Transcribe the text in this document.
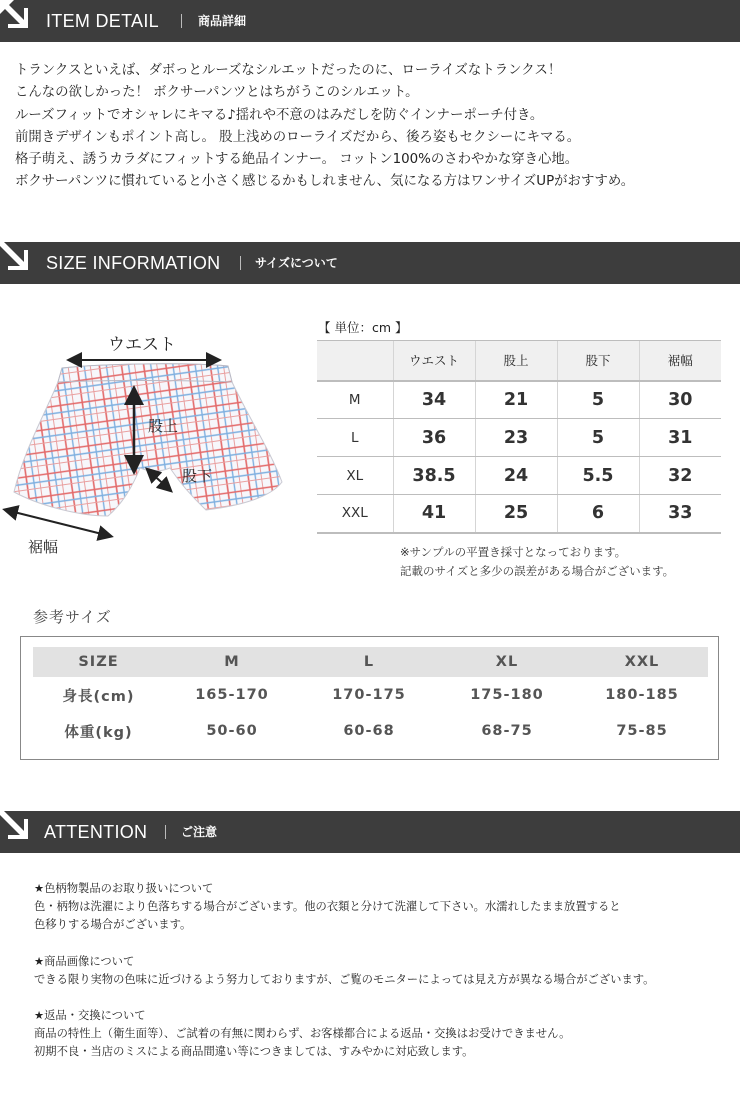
ITEM DETAIL	商品詳細
トランクスといえば、ダボっとルーズなシルエットだったのに、ローライズなトランクス！
こんなの欲しかった！ ボクサーパンツとはちがうこのシルエット。
ルーズフィットでオシャレにキマる♪揺れや不意のはみだしを防ぐインナーポーチ付き。
前開きデザインもポイント高し。 股上浅めのローライズだから、後ろ姿もセクシーにキマる。
格子萌え、誘うカラダにフィットする絶品インナー。 コットン100%のさわやかな穿き心地。
ボクサーパンツに慣れていると小さく感じるかもしれません、気になる方はワンサイズUPがおすすめ。
SIZE INFORMATION	サイズについて
ウエスト
股上
股下
裾幅
【 単位：cm 】
	ウエスト	股上	股下	裾幅
M	34	21	5	30
L	36	23	5	31
XL	38.5	24	5.5	32
XXL	41	25	6	33
※サンプルの平置き採寸となっております。
記載のサイズと多少の誤差がある場合がございます。
参考サイズ
SIZE	M	L	XL	XXL
身長(cm)	165-170	170-175	175-180	180-185
体重(kg)	50-60	60-68	68-75	75-85
ATTENTION	ご注意
★色柄物製品のお取り扱いについて
色・柄物は洗濯により色落ちする場合がございます。他の衣類と分けて洗濯して下さい。水濡れしたまま放置すると
色移りする場合がございます。
★商品画像について
できる限り実物の色味に近づけるよう努力しておりますが、ご覧のモニターによっては見え方が異なる場合がございます。
★返品・交換について
商品の特性上（衛生面等）、ご試着の有無に関わらず、お客様都合による返品・交換はお受けできません。
初期不良・当店のミスによる商品間違い等につきましては、すみやかに対応致します。
